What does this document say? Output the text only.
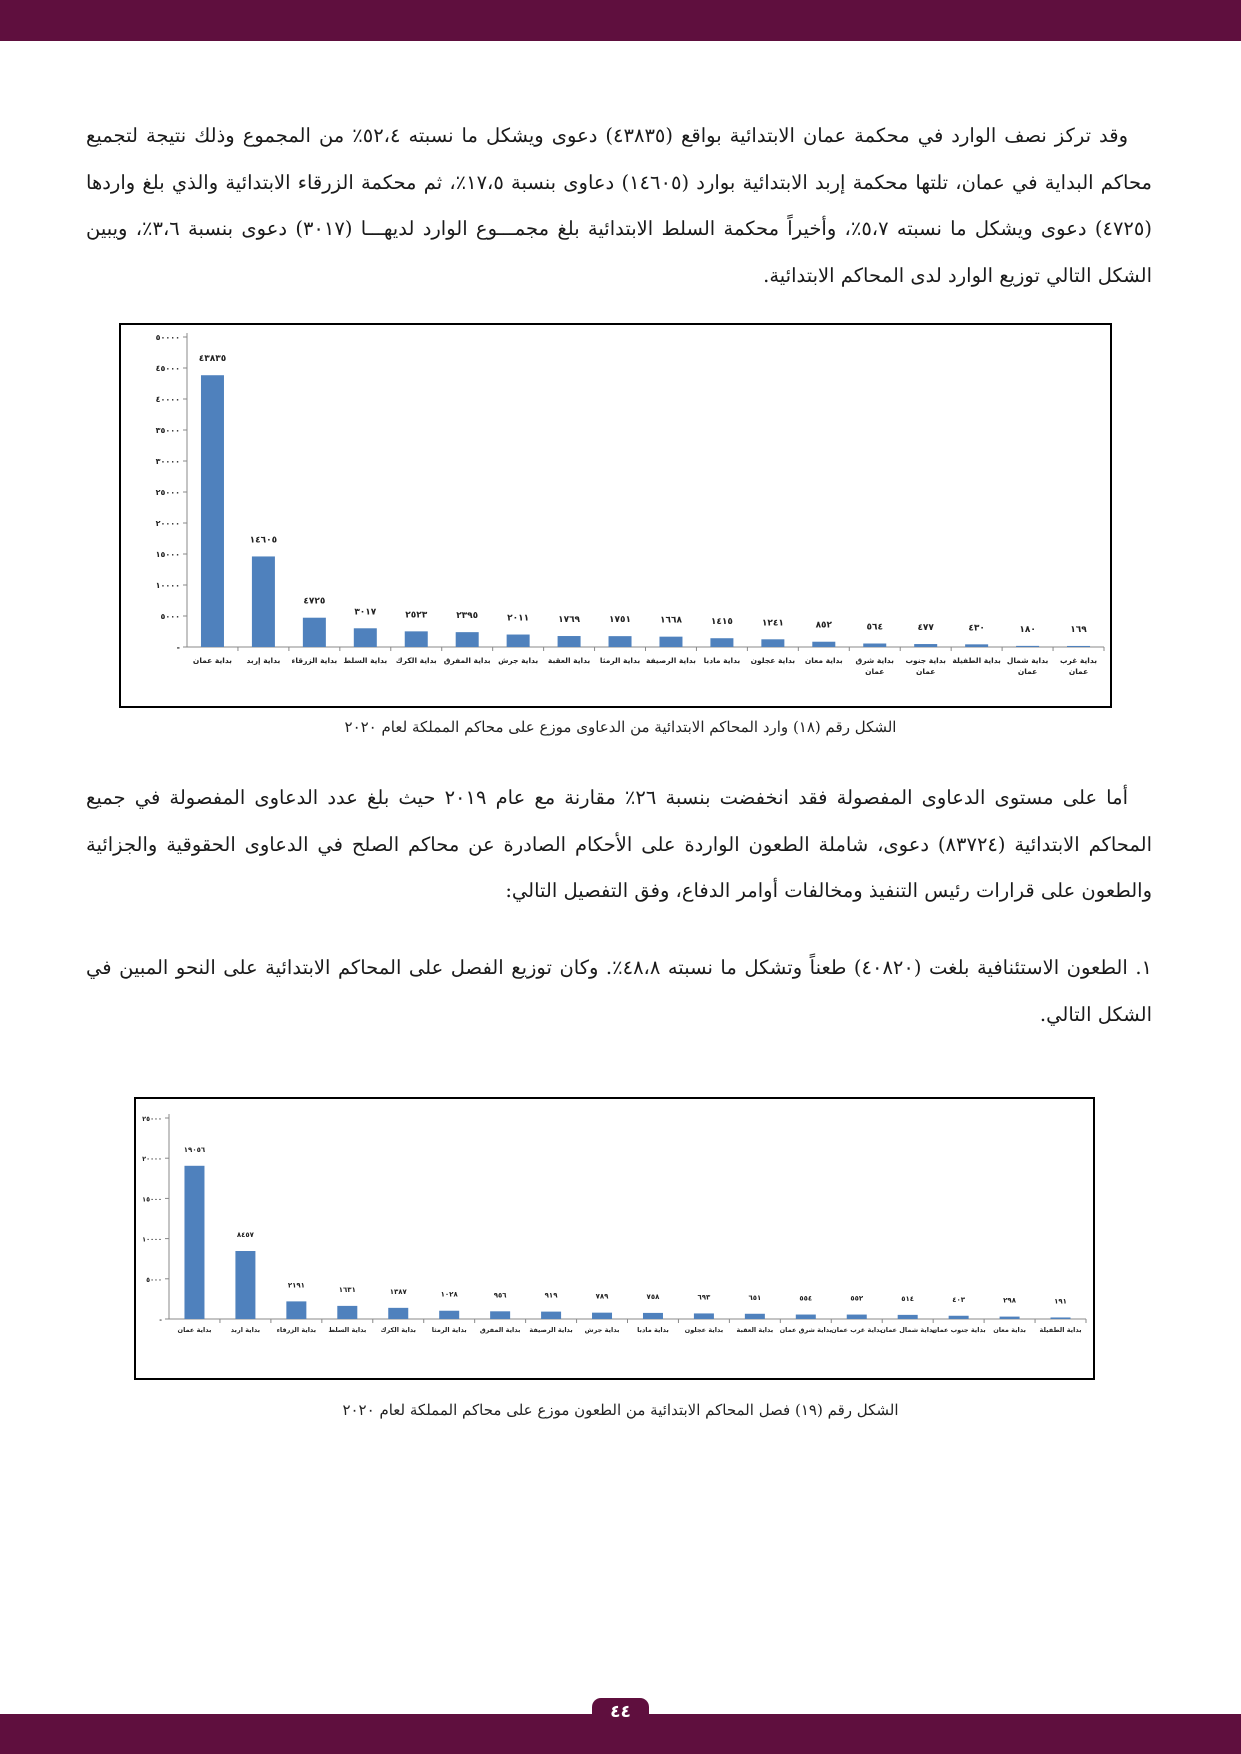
وقد تركز نصف الوارد في محكمة عمان الابتدائية بواقع (٤٣٨٣٥) دعوى ويشكل ما نسبته ٥٢،٤٪ من المجموع وذلك نتيجة لتجميع محاكم البداية في عمان، تلتها محكمة إربد الابتدائية بوارد (١٤٦٠٥) دعاوى بنسبة ١٧،٥٪، ثم محكمة الزرقاء الابتدائية والذي بلغ واردها (٤٧٢٥) دعوى ويشكل ما نسبته ٥،٧٪، وأخيراً محكمة السلط الابتدائية بلغ مجمـــوع الوارد لديهـــا (٣٠١٧) دعوى بنسبة ٣،٦٪، ويبين الشكل التالي توزيع الوارد لدى المحاكم الابتدائية.

-
٥٠٠٠
١٠٠٠٠
١٥٠٠٠
٢٠٠٠٠
٢٥٠٠٠
٣٠٠٠٠
٣٥٠٠٠
٤٠٠٠٠
٤٥٠٠٠
٥٠٠٠٠
٤٣٨٣٥
بداية عمان
١٤٦٠٥
بداية إربد
٤٧٢٥
بداية الزرقاء
٣٠١٧
بداية السلط
٢٥٢٣
بداية الكرك
٢٣٩٥
بداية المفرق
٢٠١١
بداية جرش
١٧٦٩
بداية العقبة
١٧٥١
بداية الرمثا
١٦٦٨
بداية الرصيفة
١٤١٥
بداية مادبا
١٢٤١
بداية عجلون
٨٥٢
بداية معان
٥٦٤
بداية شرق
عمان
٤٧٧
بداية جنوب
عمان
٤٣٠
بداية الطفيلة
١٨٠
بداية شمال
عمان
١٦٩
بداية غرب
عمان
الشكل رقم (١٨) وارد المحاكم الابتدائية من الدعاوى موزع على محاكم المملكة لعام ٢٠٢٠

أما على مستوى الدعاوى المفصولة فقد انخفضت بنسبة ٢٦٪ مقارنة مع عام ٢٠١٩ حيث بلغ عدد الدعاوى المفصولة في جميع المحاكم الابتدائية (٨٣٧٢٤) دعوى، شاملة الطعون الواردة على الأحكام الصادرة عن محاكم الصلح في الدعاوى الحقوقية والجزائية والطعون على قرارات رئيس التنفيذ ومخالفات أوامر الدفاع، وفق التفصيل التالي:

١. الطعون الاستئنافية بلغت (٤٠٨٢٠) طعناً وتشكل ما نسبته ٤٨،٨٪. وكان توزيع الفصل على المحاكم الابتدائية على النحو المبين في الشكل التالي.

-
٥٠٠٠
١٠٠٠٠
١٥٠٠٠
٢٠٠٠٠
٢٥٠٠٠
١٩٠٥٦
بداية عمان
٨٤٥٧
بداية اربد
٢١٩١
بداية الزرقاء
١٦٣١
بداية السلط
١٣٨٧
بداية الكرك
١٠٢٨
بداية الرمثا
٩٥٦
بداية المفرق
٩١٩
بداية الرصيفة
٧٨٩
بداية جرش
٧٥٨
بداية مادبا
٦٩٣
بداية عجلون
٦٥١
بداية العقبة
٥٥٤
بداية شرق عمان
٥٥٢
بداية غرب عمان
٥١٤
بداية شمال عمان
٤٠٣
بداية جنوب عمان
٢٩٨
بداية معان
١٩١
بداية الطفيلة
الشكل رقم (١٩) فصل المحاكم الابتدائية من الطعون موزع على محاكم المملكة لعام ٢٠٢٠
٤٤
